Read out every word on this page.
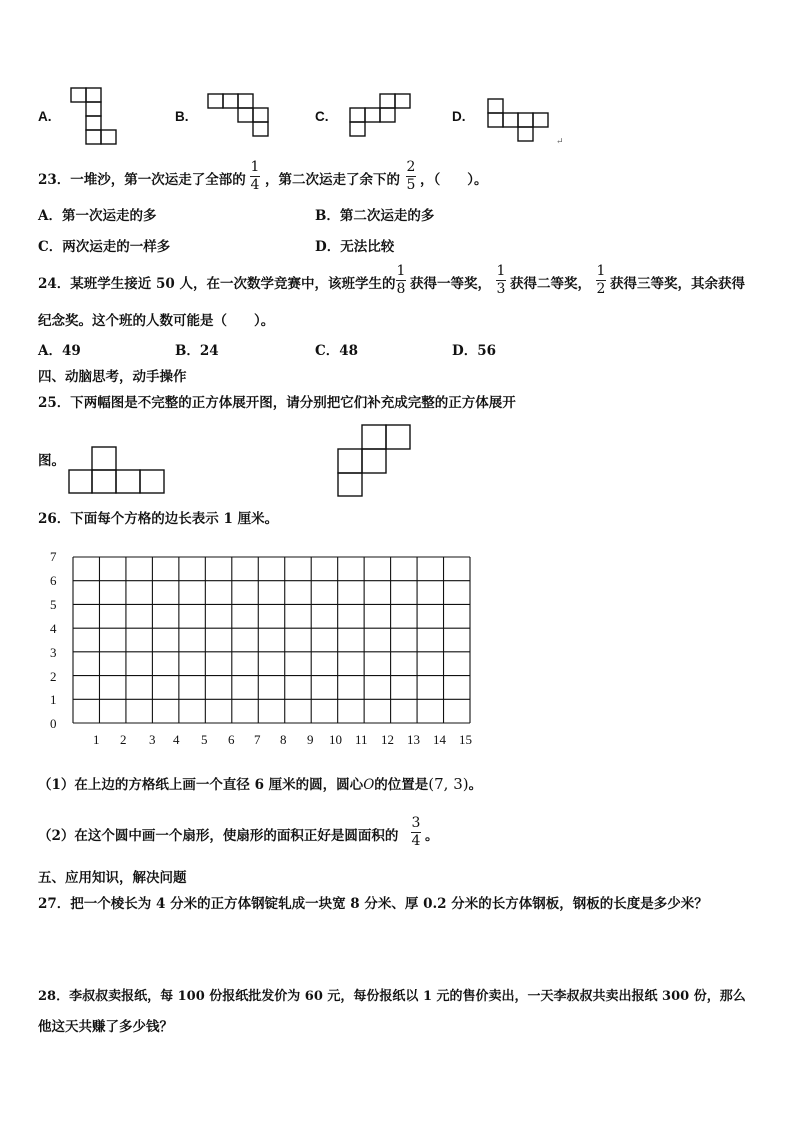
A.	B.	C.	D.
↵
23．一堆沙，第一次运走了全部的
1
4 ，第二次运走了余下的
2
5 ，（　　）。
A．第一次运走的多	B．第二次运走的多
C．两次运走的一样多	D．无法比较
24．某班学生接近 50 人，在一次数学竞赛中，该班学生的
1
8 获得一等奖，
1
3 获得二等奖，
1
2 获得三等奖，其余获得
纪念奖。这个班的人数可能是（　　）。
A．49	B．24	C．48	D．56
四、动脑思考，动手操作
25．下两幅图是不完整的正方体展开图，请分别把它们补充成完整的正方体展开
图。
26．下面每个方格的边长表示 1 厘米。
7
6
5
4
3
2
1
0
1 2 3 4 5 6 7 8 9 10 11 12 13 14 15
（1）在上边的方格纸上画一个直径 6 厘米的圆，圆心O的位置是(7, 3)。
（2）在这个圆中画一个扇形，使扇形的面积正好是圆面积的
3
4 。
五、应用知识，解决问题
27．把一个棱长为 4 分米的正方体钢锭轧成一块宽 8 分米、厚 0.2 分米的长方体钢板，钢板的长度是多少米？
28．李叔叔卖报纸，每 100 份报纸批发价为 60 元，每份报纸以 1 元的售价卖出，一天李叔叔共卖出报纸 300 份，那么
他这天共赚了多少钱？
